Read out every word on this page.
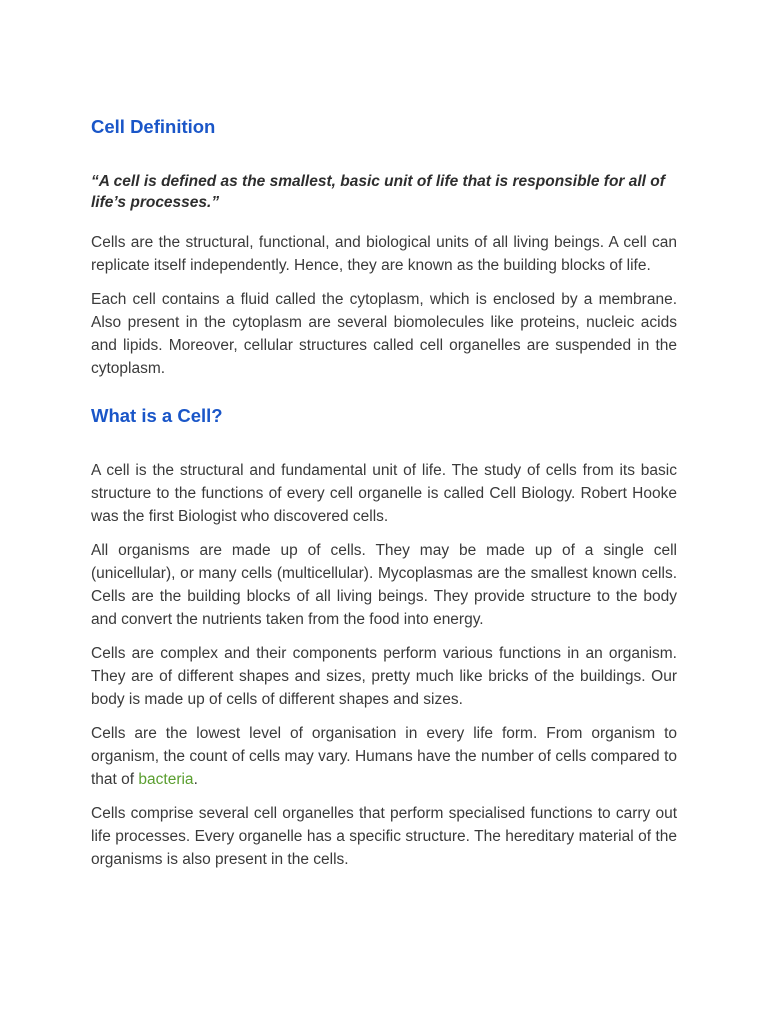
Cell Definition

“A cell is defined as the smallest, basic unit of life that is responsible for all of life’s processes.”

Cells are the structural, functional, and biological units of all living beings. A cell can replicate itself independently. Hence, they are known as the building blocks of life.

Each cell contains a fluid called the cytoplasm, which is enclosed by a membrane. Also present in the cytoplasm are several biomolecules like proteins, nucleic acids and lipids. Moreover, cellular structures called cell organelles are suspended in the cytoplasm.

What is a Cell?

A cell is the structural and fundamental unit of life. The study of cells from its basic structure to the functions of every cell organelle is called Cell Biology. Robert Hooke was the first Biologist who discovered cells.

All organisms are made up of cells. They may be made up of a single cell (unicellular), or many cells (multicellular). Mycoplasmas are the smallest known cells. Cells are the building blocks of all living beings. They provide structure to the body and convert the nutrients taken from the food into energy.

Cells are complex and their components perform various functions in an organism. They are of different shapes and sizes, pretty much like bricks of the buildings. Our body is made up of cells of different shapes and sizes.

Cells are the lowest level of organisation in every life form. From organism to organism, the count of cells may vary. Humans have the number of cells compared to that of bacteria.

Cells comprise several cell organelles that perform specialised functions to carry out life processes. Every organelle has a specific structure. The hereditary material of the organisms is also present in the cells.
